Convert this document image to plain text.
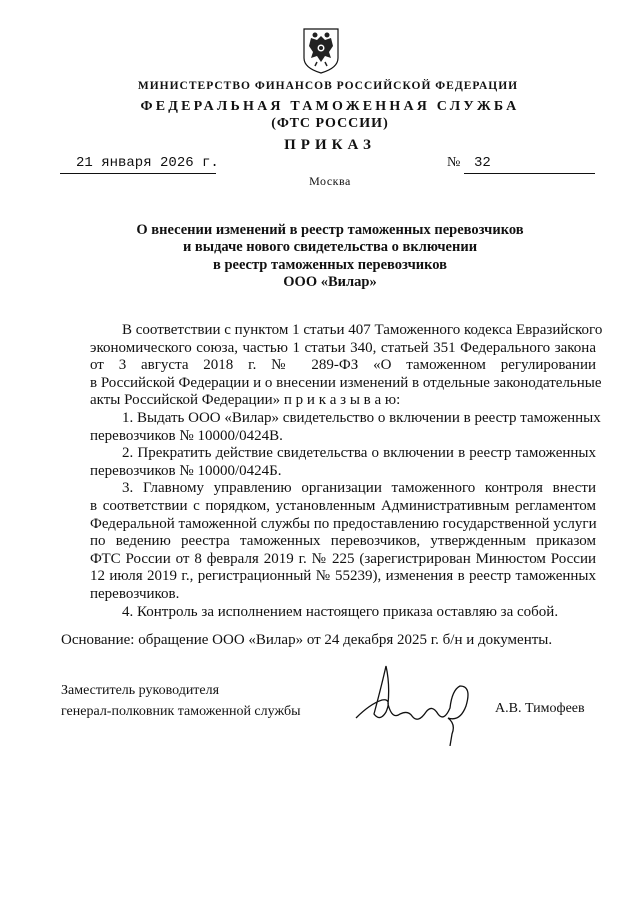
МИНИСТЕРСТВО ФИНАНСОВ РОССИЙСКОЙ ФЕДЕРАЦИИ
ФЕДЕРАЛЬНАЯ ТАМОЖЕННАЯ СЛУЖБА
(ФТС РОССИИ)
ПРИКАЗ
21 января 2026 г.	№ 32
Москва
О внесении изменений в реестр таможенных перевозчиков
и выдаче нового свидетельства о включении
в реестр таможенных перевозчиков
ООО «Вилар»
В соответствии с пунктом 1 статьи 407 Таможенного кодекса Евразийского
экономического союза, частью 1 статьи 340, статьей 351 Федерального закона
от 3 августа 2018 г. № 289-ФЗ «О таможенном регулировании
в Российской Федерации и о внесении изменений в отдельные законодательные
акты Российской Федерации» п р и к а з ы в а ю:
1. Выдать ООО «Вилар» свидетельство о включении в реестр таможенных
перевозчиков № 10000/0424В.
2. Прекратить действие свидетельства о включении в реестр таможенных
перевозчиков № 10000/0424Б.
3. Главному управлению организации таможенного контроля внести
в соответствии с порядком, установленным Административным регламентом
Федеральной таможенной службы по предоставлению государственной услуги
по ведению реестра таможенных перевозчиков, утвержденным приказом
ФТС России от 8 февраля 2019 г. № 225 (зарегистрирован Минюстом России
12 июля 2019 г., регистрационный № 55239), изменения в реестр таможенных
перевозчиков.
4. Контроль за исполнением настоящего приказа оставляю за собой.
Основание: обращение ООО «Вилар» от 24 декабря 2025 г. б/н и документы.
Заместитель руководителя
генерал-полковник таможенной службы	А.В. Тимофеев
